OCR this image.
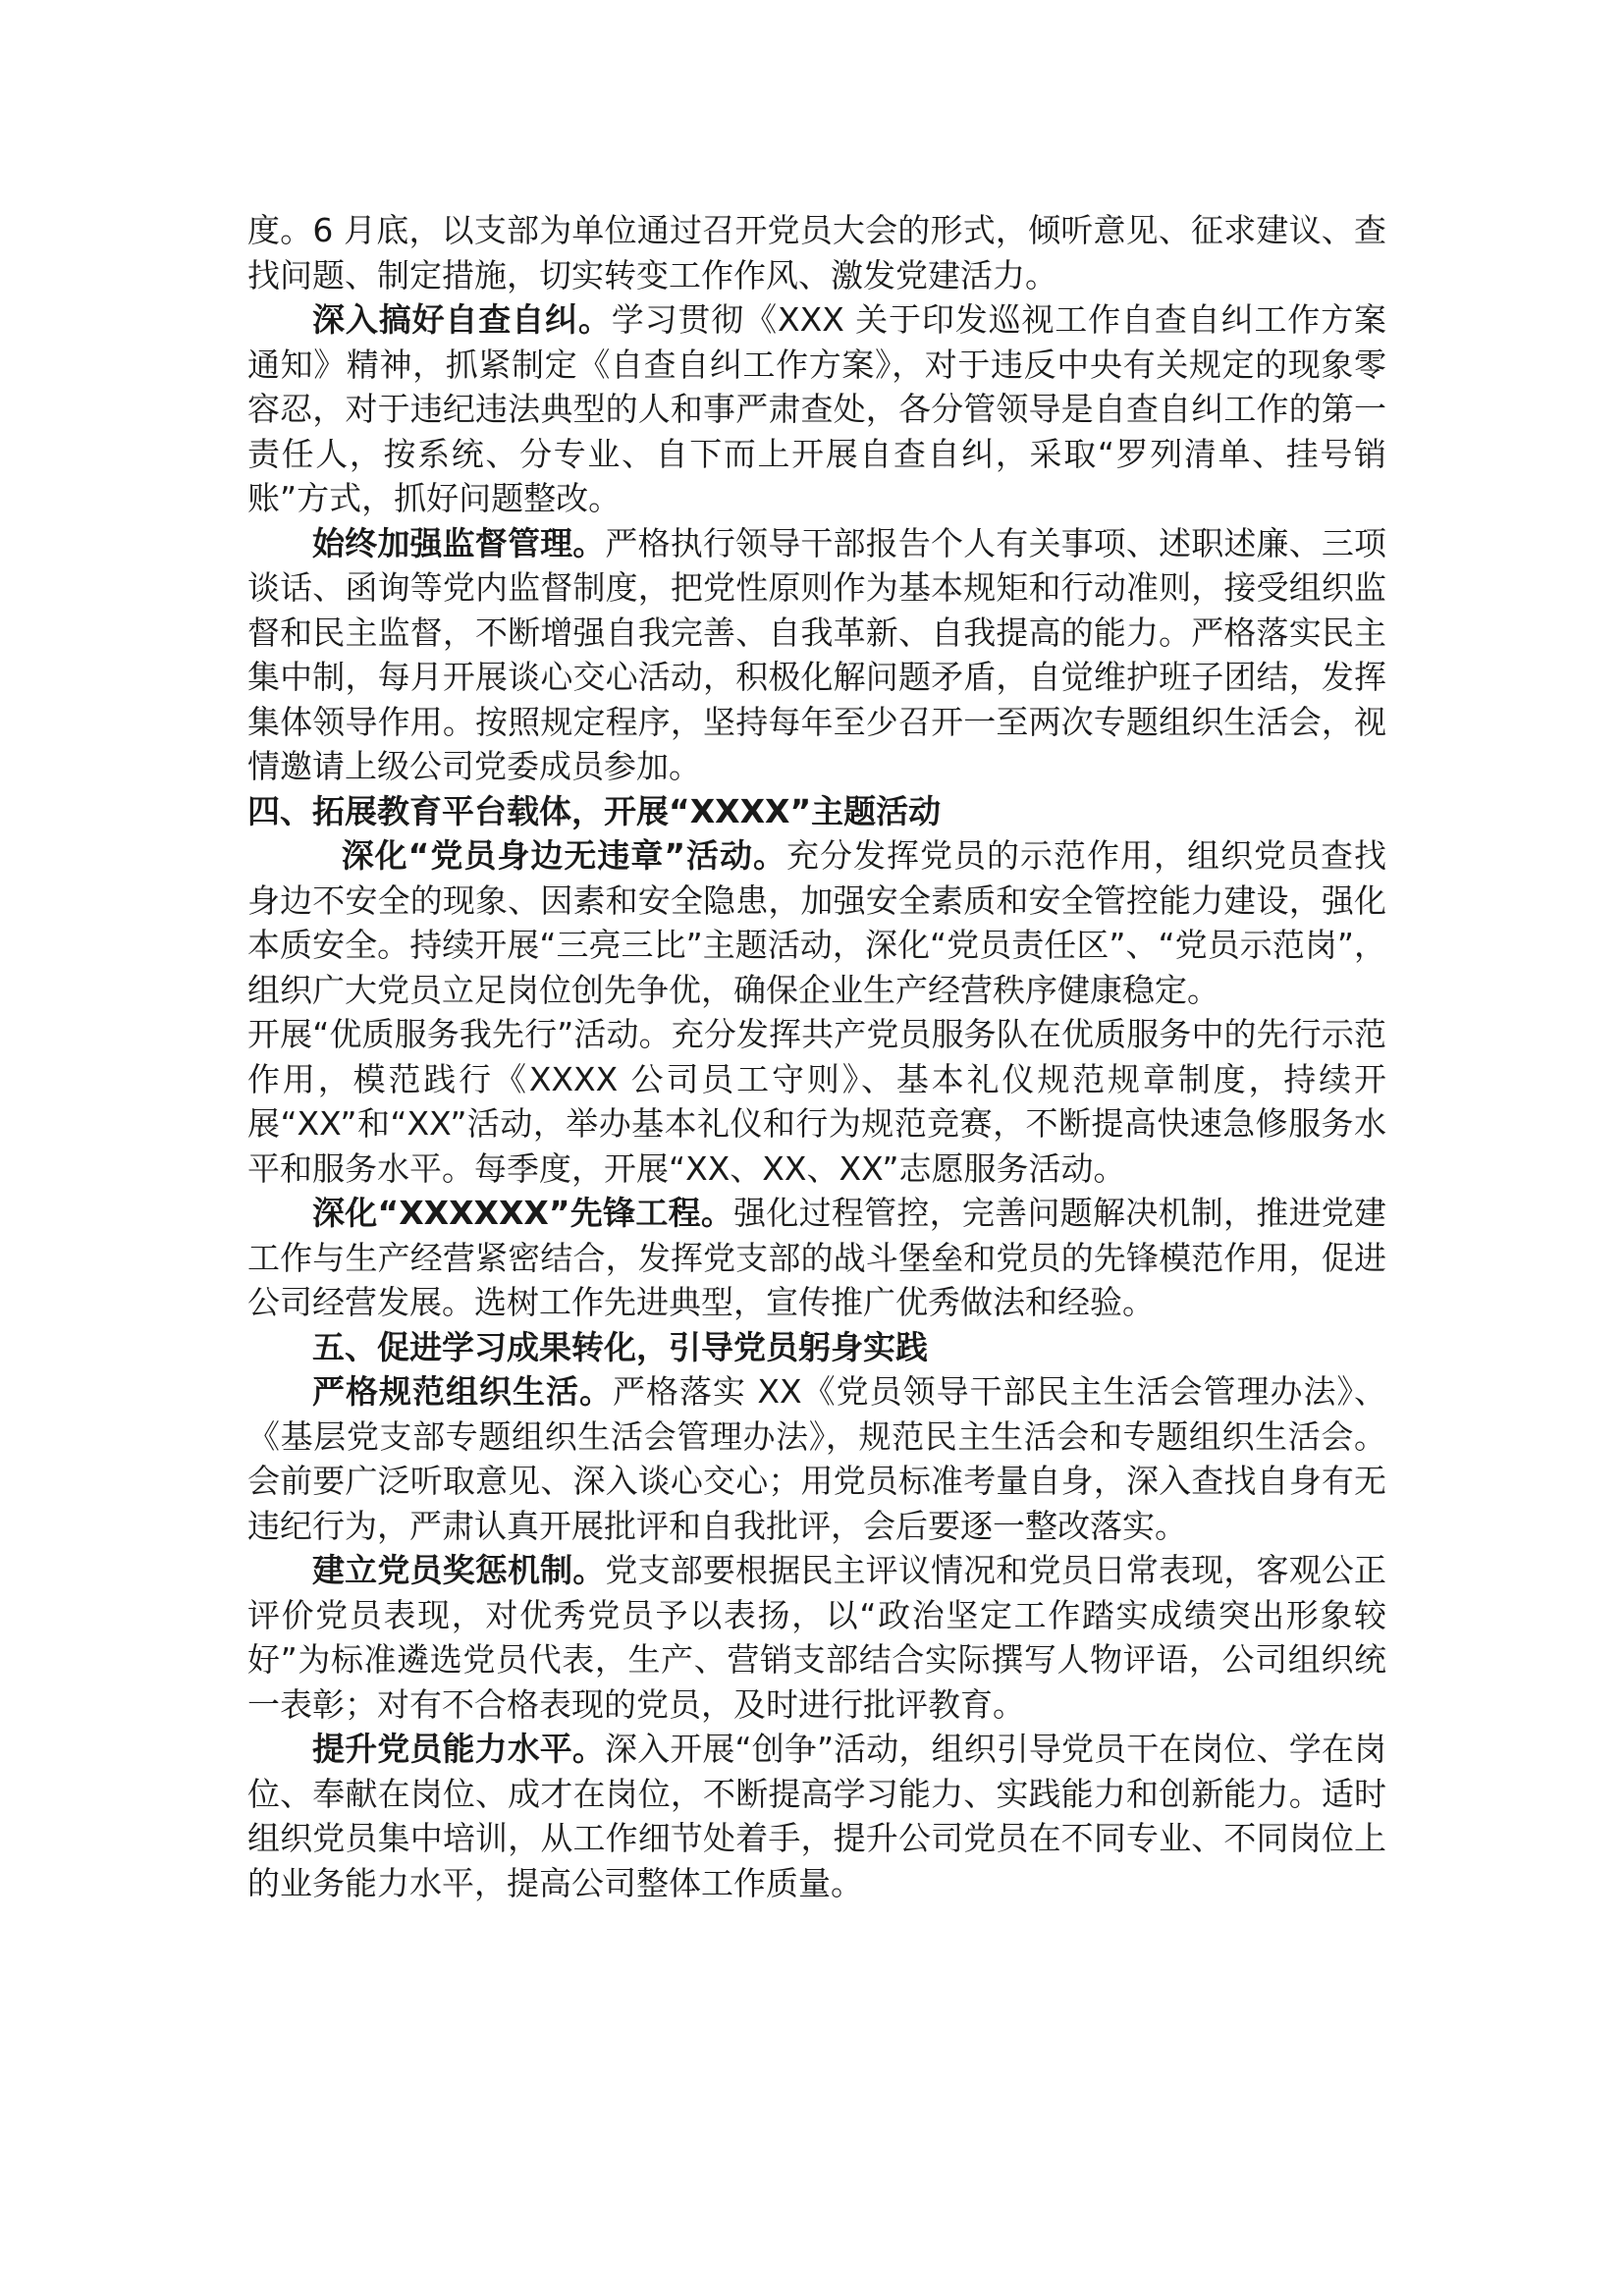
度。6 月底，以支部为单位通过召开党员大会的形式，倾听意见、征求建议、查找问题、制定措施，切实转变工作作风、激发党建活力。

深入搞好自查自纠。学习贯彻《XXX 关于印发巡视工作自查自纠工作方案通知》精神，抓紧制定《自查自纠工作方案》，对于违反中央有关规定的现象零容忍，对于违纪违法典型的人和事严肃查处，各分管领导是自查自纠工作的第一责任人，按系统、分专业、自下而上开展自查自纠，采取“罗列清单、挂号销账”方式，抓好问题整改。

始终加强监督管理。严格执行领导干部报告个人有关事项、述职述廉、三项谈话、函询等党内监督制度，把党性原则作为基本规矩和行动准则，接受组织监督和民主监督，不断增强自我完善、自我革新、自我提高的能力。严格落实民主集中制，每月开展谈心交心活动，积极化解问题矛盾，自觉维护班子团结，发挥集体领导作用。按照规定程序，坚持每年至少召开一至两次专题组织生活会，视情邀请上级公司党委成员参加。

四、拓展教育平台载体，开展“XXXX”主题活动

深化“党员身边无违章”活动。充分发挥党员的示范作用，组织党员查找身边不安全的现象、因素和安全隐患，加强安全素质和安全管控能力建设，强化本质安全。持续开展“三亮三比”主题活动，深化“党员责任区”、“党员示范岗”，组织广大党员立足岗位创先争优，确保企业生产经营秩序健康稳定。

开展“优质服务我先行”活动。充分发挥共产党员服务队在优质服务中的先行示范作用，模范践行《XXXX 公司员工守则》、基本礼仪规范规章制度，持续开展“XX”和“XX”活动，举办基本礼仪和行为规范竞赛，不断提高快速急修服务水平和服务水平。每季度，开展“XX、XX、XX”志愿服务活动。

深化“XXXXXX”先锋工程。强化过程管控，完善问题解决机制，推进党建工作与生产经营紧密结合，发挥党支部的战斗堡垒和党员的先锋模范作用，促进公司经营发展。选树工作先进典型，宣传推广优秀做法和经验。

五、促进学习成果转化，引导党员躬身实践

严格规范组织生活。严格落实 XX《党员领导干部民主生活会管理办法》、《基层党支部专题组织生活会管理办法》，规范民主生活会和专题组织生活会。会前要广泛听取意见、深入谈心交心；用党员标准考量自身，深入查找自身有无违纪行为，严肃认真开展批评和自我批评，会后要逐一整改落实。

建立党员奖惩机制。党支部要根据民主评议情况和党员日常表现，客观公正评价党员表现，对优秀党员予以表扬，以“政治坚定工作踏实成绩突出形象较好”为标准遴选党员代表，生产、营销支部结合实际撰写人物评语，公司组织统一表彰；对有不合格表现的党员，及时进行批评教育。

提升党员能力水平。深入开展“创争”活动，组织引导党员干在岗位、学在岗位、奉献在岗位、成才在岗位，不断提高学习能力、实践能力和创新能力。适时组织党员集中培训，从工作细节处着手，提升公司党员在不同专业、不同岗位上的业务能力水平，提高公司整体工作质量。
